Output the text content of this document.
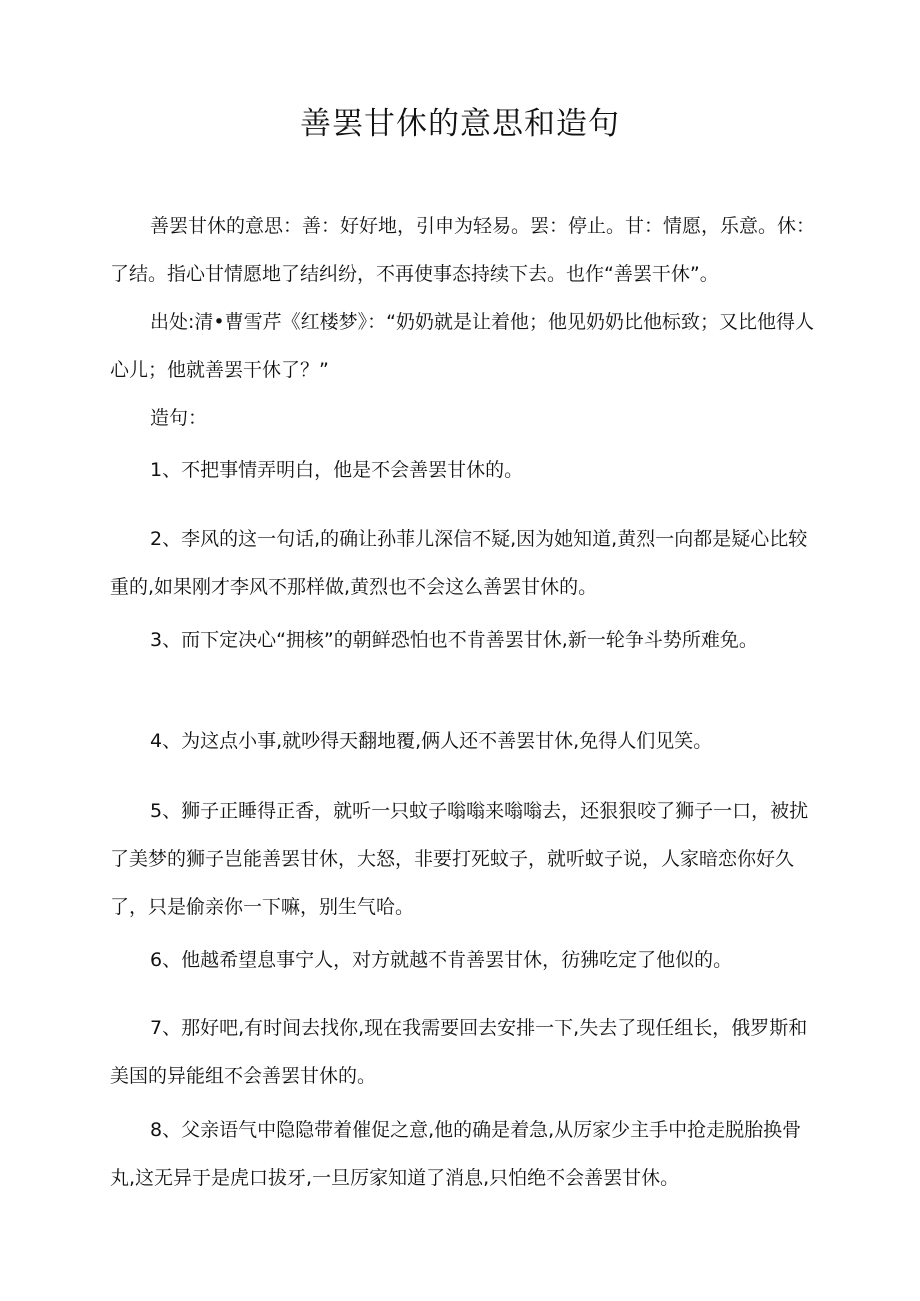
善罢甘休的意思和造句

善罢甘休的意思：善：好好地，引申为轻易。罢：停止。甘：情愿，乐意。休：了结。指心甘情愿地了结纠纷，不再使事态持续下去。也作“善罢干休”。

出处:清•曹雪芹《红楼梦》：“奶奶就是让着他；他见奶奶比他标致；又比他得人心儿；他就善罢干休了？”

造句：

1、不把事情弄明白，他是不会善罢甘休的。

2、李风的这一句话,的确让孙菲儿深信不疑,因为她知道,黄烈一向都是疑心比较重的,如果刚才李风不那样做,黄烈也不会这么善罢甘休的。

3、而下定决心“拥核”的朝鲜恐怕也不肯善罢甘休,新一轮争斗势所难免。

4、为这点小事,就吵得天翻地覆,俩人还不善罢甘休,免得人们见笑。

5、狮子正睡得正香，就听一只蚊子嗡嗡来嗡嗡去，还狠狠咬了狮子一口，被扰了美梦的狮子岂能善罢甘休，大怒，非要打死蚊子，就听蚊子说，人家暗恋你好久了，只是偷亲你一下嘛，别生气哈。

6、他越希望息事宁人，对方就越不肯善罢甘休，彷狒吃定了他似的。

7、那好吧,有时间去找你,现在我需要回去安排一下,失去了现任组长，俄罗斯和美国的异能组不会善罢甘休的。

8、父亲语气中隐隐带着催促之意,他的确是着急,从厉家少主手中抢走脱胎换骨丸,这无异于是虎口拔牙,一旦厉家知道了消息,只怕绝不会善罢甘休。
